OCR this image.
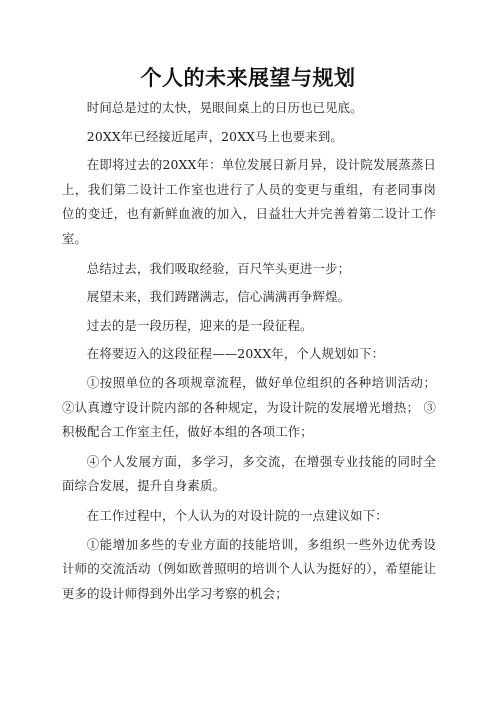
个人的未来展望与规划

时间总是过的太快，晃眼间桌上的日历也已见底。

20XX年已经接近尾声，20XX马上也要来到。

在即将过去的20XX年：单位发展日新月异，设计院发展蒸蒸日上，我们第二设计工作室也进行了人员的变更与重组，有老同事岗位的变迁，也有新鲜血液的加入，日益壮大并完善着第二设计工作室。

总结过去，我们吸取经验，百尺竿头更进一步；

展望未来，我们踌躇满志，信心满满再争辉煌。

过去的是一段历程，迎来的是一段征程。

在将要迈入的这段征程——20XX年，个人规划如下：

①按照单位的各项规章流程，做好单位组织的各种培训活动；②认真遵守设计院内部的各种规定，为设计院的发展增光增热； ③积极配合工作室主任，做好本组的各项工作；

④个人发展方面，多学习，多交流，在增强专业技能的同时全面综合发展，提升自身素质。

在工作过程中，个人认为的对设计院的一点建议如下：

①能增加多些的专业方面的技能培训，多组织一些外边优秀设计师的交流活动（例如欧普照明的培训个人认为挺好的），希望能让更多的设计师得到外出学习考察的机会；
